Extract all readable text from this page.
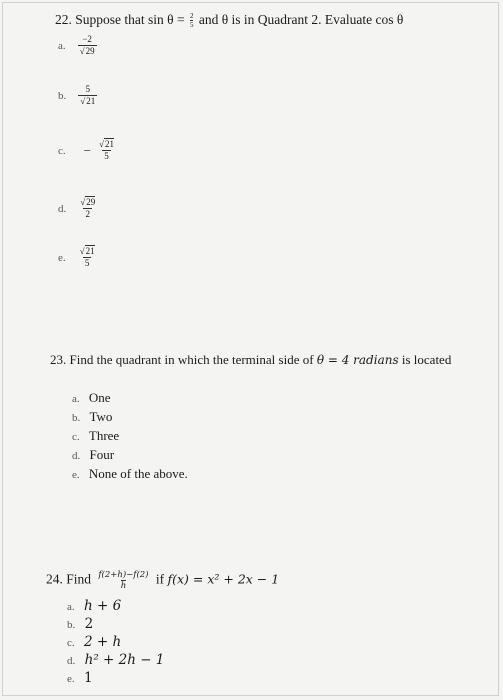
22. Suppose that $\sin \theta = \frac{2}{5}$ and θ is in Quadrant 2. Evaluate cos θ
a. $\frac{-2}{√29}$
b. $\frac{5}{√21}$
c. − $\frac{√21}{5}$
d. $\frac{√29}{2}$
e. $\frac{√21}{5}$
23. Find the quadrant in which the terminal side of θ = 4 radians is located
a. One
b. Two
c. Three
d. Four
e. None of the above.
24. Find $\frac{f(2+h)-f(2)}{h}$ if f(x) = x² + 2x − 1
a. h + 6
b. 2
c. 2 + h
d. h² + 2h − 1
e. 1
